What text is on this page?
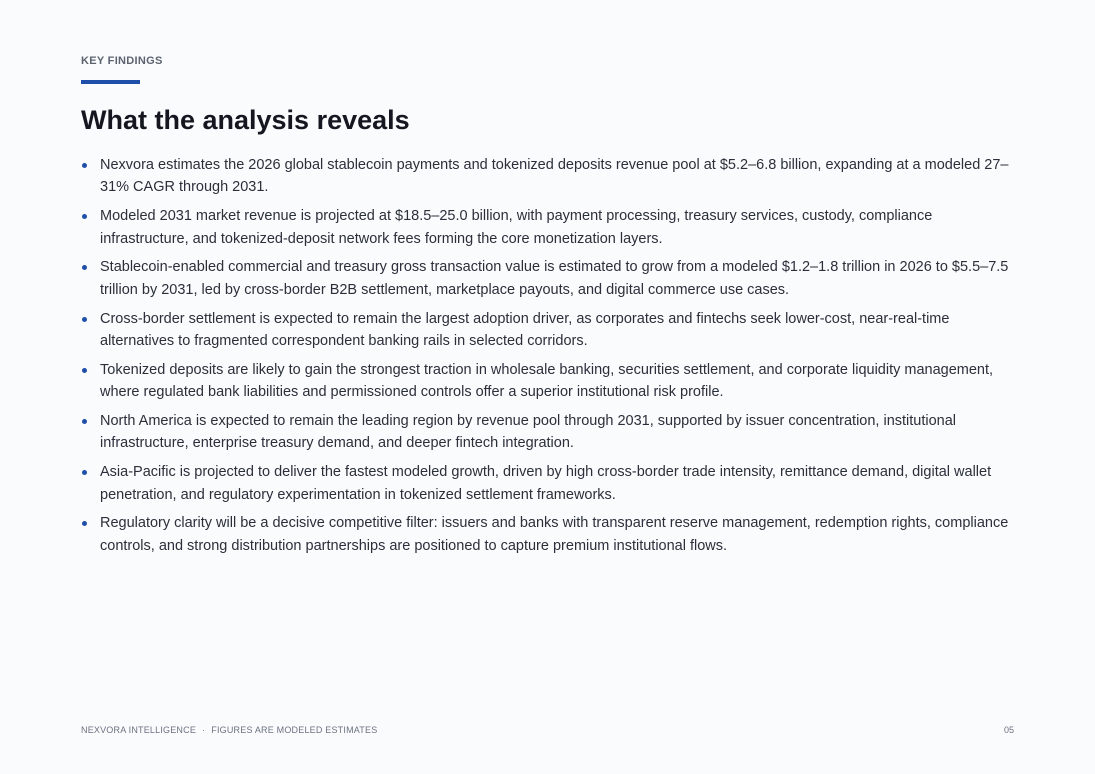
KEY FINDINGS
What the analysis reveals
Nexvora estimates the 2026 global stablecoin payments and tokenized deposits revenue pool at $5.2–6.8 billion, expanding at a modeled 27–31% CAGR through 2031.
Modeled 2031 market revenue is projected at $18.5–25.0 billion, with payment processing, treasury services, custody, compliance infrastructure, and tokenized-deposit network fees forming the core monetization layers.
Stablecoin-enabled commercial and treasury gross transaction value is estimated to grow from a modeled $1.2–1.8 trillion in 2026 to $5.5–7.5 trillion by 2031, led by cross-border B2B settlement, marketplace payouts, and digital commerce use cases.
Cross-border settlement is expected to remain the largest adoption driver, as corporates and fintechs seek lower-cost, near-real-time alternatives to fragmented correspondent banking rails in selected corridors.
Tokenized deposits are likely to gain the strongest traction in wholesale banking, securities settlement, and corporate liquidity management, where regulated bank liabilities and permissioned controls offer a superior institutional risk profile.
North America is expected to remain the leading region by revenue pool through 2031, supported by issuer concentration, institutional infrastructure, enterprise treasury demand, and deeper fintech integration.
Asia-Pacific is projected to deliver the fastest modeled growth, driven by high cross-border trade intensity, remittance demand, digital wallet penetration, and regulatory experimentation in tokenized settlement frameworks.
Regulatory clarity will be a decisive competitive filter: issuers and banks with transparent reserve management, redemption rights, compliance controls, and strong distribution partnerships are positioned to capture premium institutional flows.
NEXVORA INTELLIGENCE · FIGURES ARE MODELED ESTIMATES	05
